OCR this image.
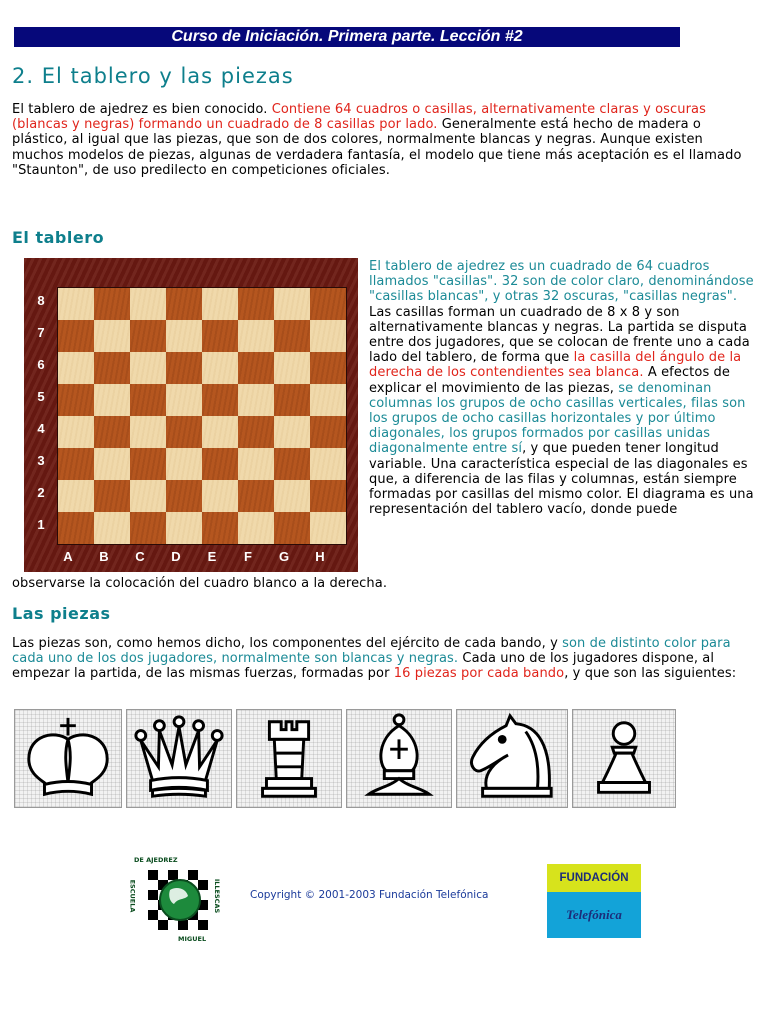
Curso de Iniciación. Primera parte. Lección #2
2. El tablero y las piezas

El tablero de ajedrez es bien conocido. Contiene 64 cuadros o casillas, alternativamente claras y oscuras (blancas y negras) formando un cuadrado de 8 casillas por lado. Generalmente está hecho de madera o plástico, al igual que las piezas, que son de dos colores, normalmente blancas y negras. Aunque existen muchos modelos de piezas, algunas de verdadera fantasía, el modelo que tiene más aceptación es el llamado "Staunton", de uso predilecto en competiciones oficiales.

El tablero
8
7
6
5
4
3
2
1
A	B	C	D	E	F	G	H

El tablero de ajedrez es un cuadrado de 64 cuadros llamados "casillas". 32 son de color claro, denominándose "casillas blancas", y otras 32 oscuras, "casillas negras". Las casillas forman un cuadrado de 8 x 8 y son alternativamente blancas y negras. La partida se disputa entre dos jugadores, que se colocan de frente uno a cada lado del tablero, de forma que la casilla del ángulo de la derecha de los contendientes sea blanca. A efectos de explicar el movimiento de las piezas, se denominan columnas los grupos de ocho casillas verticales, filas son los grupos de ocho casillas horizontales y por último diagonales, los grupos formados por casillas unidas diagonalmente entre sí, y que pueden tener longitud variable. Una característica especial de las diagonales es que, a diferencia de las filas y columnas, están siempre formadas por casillas del mismo color. El diagrama es una representación del tablero vacío, donde puede

observarse la colocación del cuadro blanco a la derecha.

Las piezas

Las piezas son, como hemos dicho, los componentes del ejército de cada bando, y son de distinto color para cada uno de los dos jugadores, normalmente son blancas y negras. Cada uno de los jugadores dispone, al empezar la partida, de las mismas fuerzas, formadas por 16 piezas por cada bando, y que son las siguientes:

DE AJEDREZ
ESCUELA	ILLESCAS
MIGUEL
Copyright © 2001-2003 Fundación Telefónica
FUNDACIÓN
Telefónica
